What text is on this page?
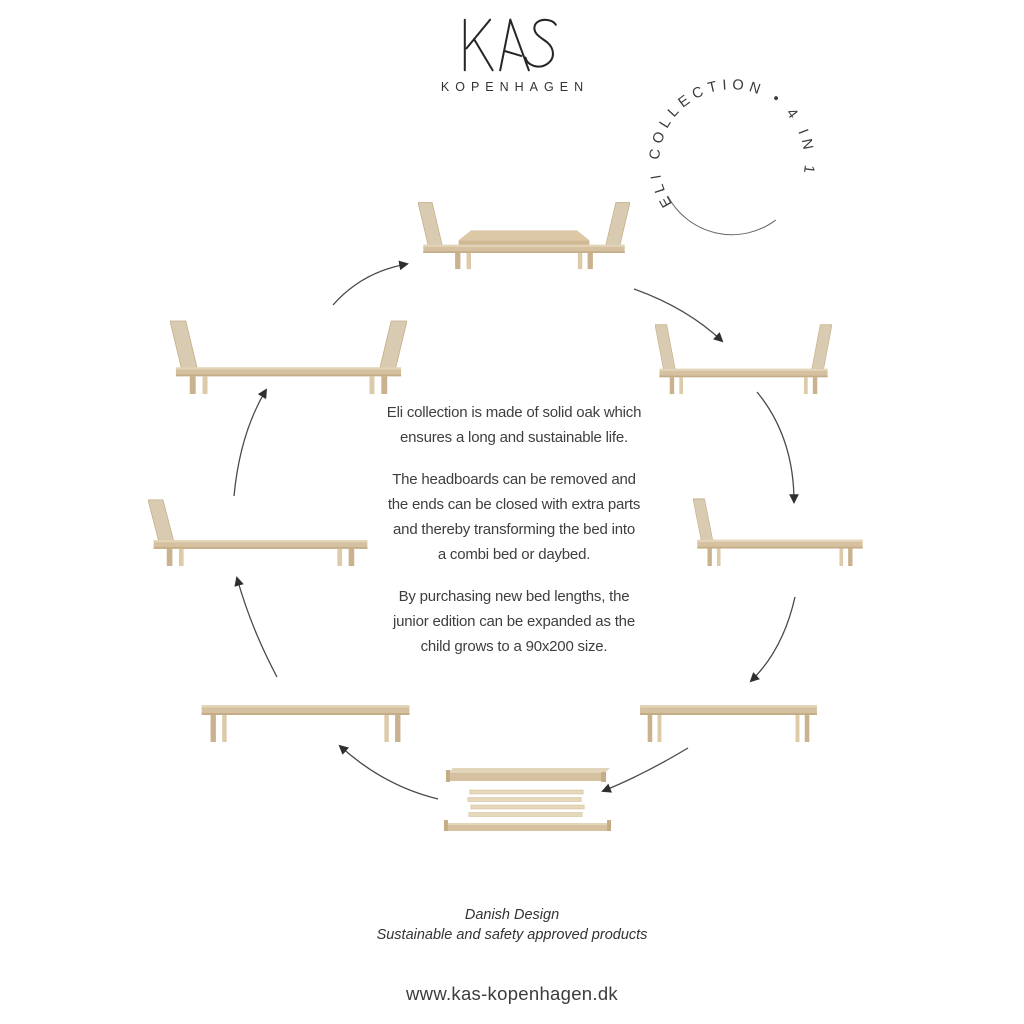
KOPENHAGEN
ELI COLLECTION • 4 IN 1

Eli collection is made of solid oak which
ensures a long and sustainable life.

The headboards can be removed and
the ends can be closed with extra parts
and thereby transforming the bed into
a combi bed or daybed.

By purchasing new bed lengths, the
junior edition can be expanded as the
child grows to a 90x200 size.

Danish Design
Sustainable and safety approved products
www.kas-kopenhagen.dk
